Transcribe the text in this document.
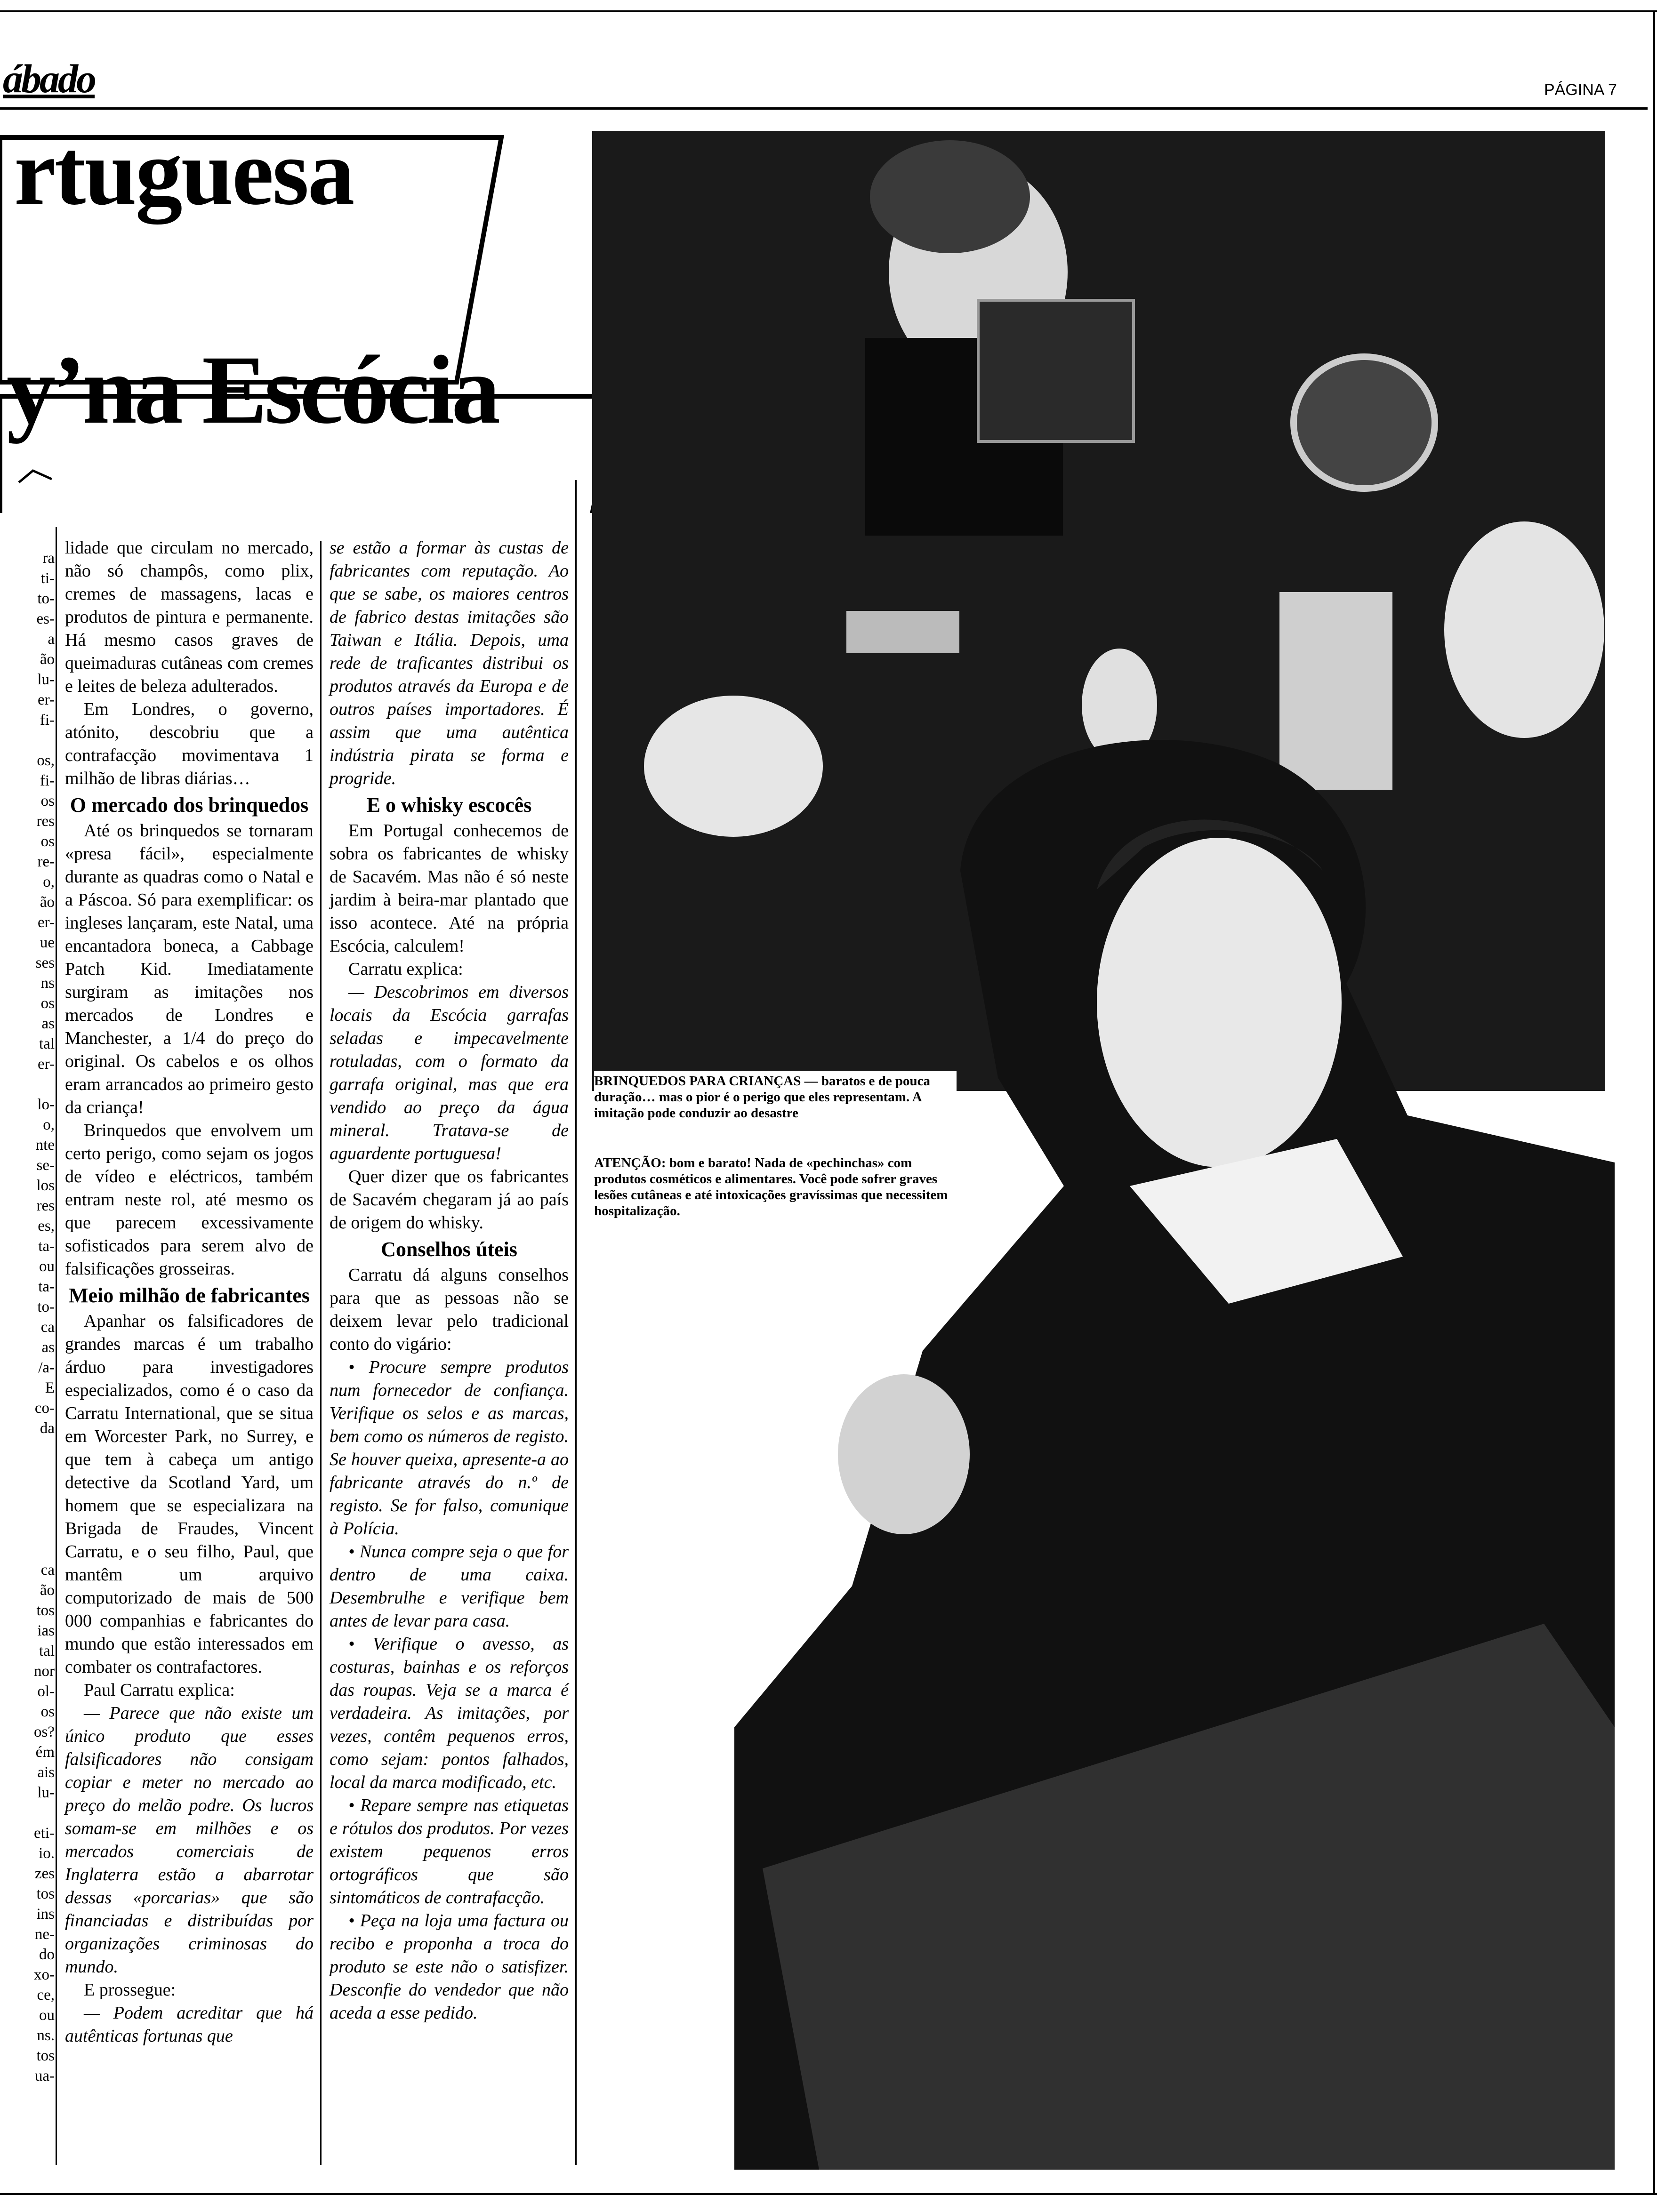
ábado	PÁGINA 7
rtuguesa
y’na Escócia
ra
ti-
to-
es-
a
ão
lu-
er-
fi-

os,
fi-
os
res
os
re-
o,
ão
er-
ue
ses
ns
os
as
tal
er-

lo-
o,
nte
se-
los
res
es,
ta-
ou
ta-
to-
ca
as
/a-
E
co-
da

ca
ão
tos
ias
tal
nor
ol-
os
os?
ém
ais
lu-

eti-
io.
zes
tos
ins
ne-
do
xo-
ce,
ou
ns.
tos
ua-

lidade que circulam no mercado, não só champôs, como plix, cremes de massagens, lacas e produtos de pintura e permanente. Há mesmo casos graves de queimaduras cutâneas com cremes e leites de beleza adulterados.

Em Londres, o governo, atónito, descobriu que a contrafacção movimentava 1 milhão de libras diárias…

O mercado dos brinquedos

Até os brinquedos se tornaram «presa fácil», especialmente durante as quadras como o Natal e a Páscoa. Só para exemplificar: os ingleses lançaram, este Natal, uma encantadora boneca, a Cabbage Patch Kid. Imediatamente surgiram as imitações nos mercados de Londres e Manchester, a 1/4 do preço do original. Os cabelos e os olhos eram arrancados ao primeiro gesto da criança!

Brinquedos que envolvem um certo perigo, como sejam os jogos de vídeo e eléctricos, também entram neste rol, até mesmo os que parecem excessivamente sofisticados para serem alvo de falsificações grosseiras.

Meio milhão de fabricantes

Apanhar os falsificadores de grandes marcas é um trabalho árduo para investigadores especializados, como é o caso da Carratu International, que se situa em Worcester Park, no Surrey, e que tem à cabeça um antigo detective da Scotland Yard, um homem que se especializara na Brigada de Fraudes, Vincent Carratu, e o seu filho, Paul, que mantêm um arquivo computorizado de mais de 500 000 companhias e fabricantes do mundo que estão interessados em combater os contrafactores.

Paul Carratu explica:

— Parece que não existe um único produto que esses falsificadores não consigam copiar e meter no mercado ao preço do melão podre. Os lucros somam-se em milhões e os mercados comerciais de Inglaterra estão a abarrotar dessas «porcarias» que são financiadas e distribuídas por organizações criminosas do mundo.

E prossegue:

— Podem acreditar que há autênticas fortunas que

se estão a formar às custas de fabricantes com reputação. Ao que se sabe, os maiores centros de fabrico destas imitações são Taiwan e Itália. Depois, uma rede de traficantes distribui os produtos através da Europa e de outros países importadores. É assim que uma autêntica indústria pirata se forma e progride.

E o whisky escocês

Em Portugal conhecemos de sobra os fabricantes de whisky de Sacavém. Mas não é só neste jardim à beira-mar plantado que isso acontece. Até na própria Escócia, calculem!

Carratu explica:

— Descobrimos em diversos locais da Escócia garrafas seladas e impecavelmente rotuladas, com o formato da garrafa original, mas que era vendido ao preço da água mineral. Tratava-se de aguardente portuguesa!

Quer dizer que os fabricantes de Sacavém chegaram já ao país de origem do whisky.

Conselhos úteis

Carratu dá alguns conselhos para que as pessoas não se deixem levar pelo tradicional conto do vigário:

• Procure sempre produtos num fornecedor de confiança. Verifique os selos e as marcas, bem como os números de registo. Se houver queixa, apresente-a ao fabricante através do n.º de registo. Se for falso, comunique à Polícia.

• Nunca compre seja o que for dentro de uma caixa. Desembrulhe e verifique bem antes de levar para casa.

• Verifique o avesso, as costuras, bainhas e os reforços das roupas. Veja se a marca é verdadeira. As imitações, por vezes, contêm pequenos erros, como sejam: pontos falhados, local da marca modificado, etc.

• Repare sempre nas etiquetas e rótulos dos produtos. Por vezes existem pequenos erros ortográficos que são sintomáticos de contrafacção.

• Peça na loja uma factura ou recibo e proponha a troca do produto se este não o satisfizer. Desconfie do vendedor que não aceda a esse pedido.

BRINQUEDOS PARA CRIANÇAS — baratos e de pouca duração… mas o pior é o perigo que eles representam. A imitação pode conduzir ao desastre
ATENÇÃO: bom e barato! Nada de «pechinchas» com produtos cosméticos e alimentares. Você pode sofrer graves lesões cutâneas e até intoxicações gravíssimas que necessitem hospitalização.
